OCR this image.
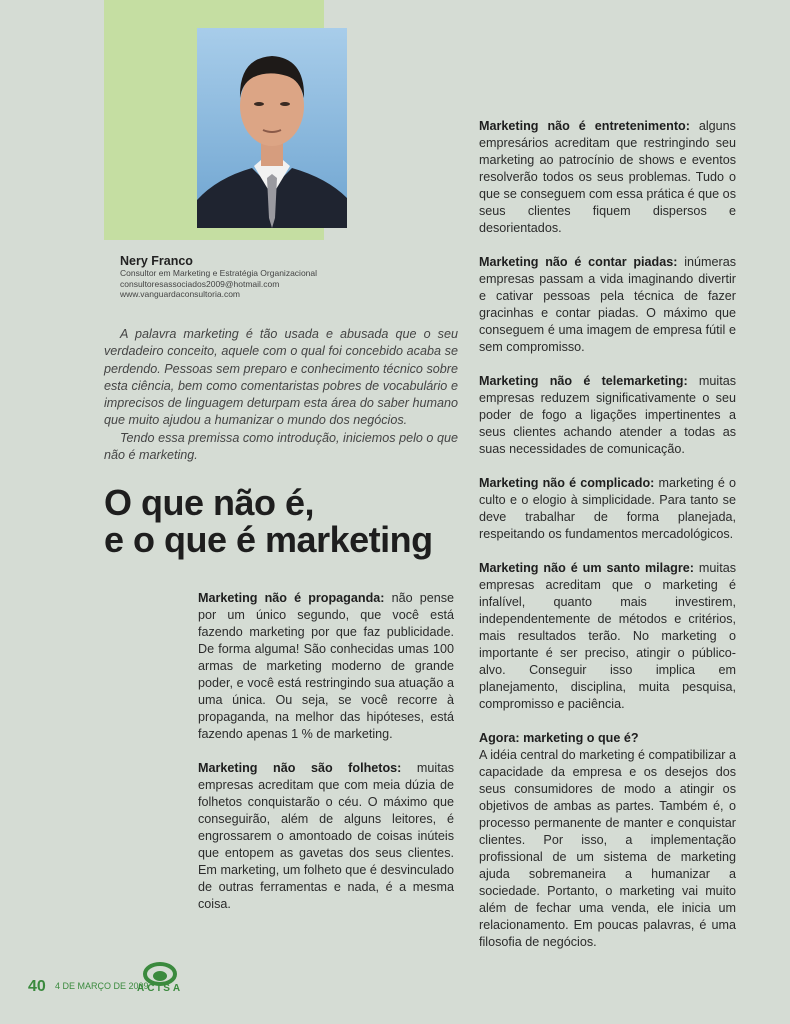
Nery Franco
Consultor em Marketing e Estratégia Organizacional
consultoresassociados2009@hotmail.com
www.vanguardaconsultoria.com

A palavra marketing é tão usada e abusada que o seu verdadeiro conceito, aquele com o qual foi concebido acaba se perdendo. Pessoas sem preparo e conhecimento técnico sobre esta ciência, bem como comentaristas pobres de vocabulário e imprecisos de linguagem deturpam esta área do saber humano que muito ajudou a humanizar o mundo dos negócios.

Tendo essa premissa como introdução, iniciemos pelo o que não é marketing.

O que não é,
e o que é marketing

Marketing não é propaganda: não pense por um único segundo, que você está fazendo marketing por que faz publicidade. De forma alguma! São conhecidas umas 100 armas de marketing moderno de grande poder, e você está restringindo sua atuação a uma única. Ou seja, se você recorre à propaganda, na melhor das hipóteses, está fazendo apenas 1 % de marketing.

Marketing não são folhetos: muitas empresas acreditam que com meia dúzia de folhetos conquistarão o céu. O máximo que conseguirão, além de alguns leitores, é engrossarem o amontoado de coisas inúteis que entopem as gavetas dos seus clientes. Em marketing, um folheto que é desvinculado de outras ferramentas e nada, é a mesma coisa.

Marketing não é entretenimento: alguns empresários acreditam que restringindo seu marketing ao patrocínio de shows e eventos resolverão todos os seus problemas. Tudo o que se conseguem com essa prática é que os seus clientes fiquem dispersos e desorientados.

Marketing não é contar piadas: inúmeras empresas passam a vida imaginando divertir e cativar pessoas pela técnica de fazer gracinhas e contar piadas. O máximo que conseguem é uma imagem de empresa fútil e sem compromisso.

Marketing não é telemarketing: muitas empresas reduzem significativamente o seu poder de fogo a ligações impertinentes a seus clientes achando atender a todas as suas necessidades de comunicação.

Marketing não é complicado: marketing é o culto e o elogio à simplicidade. Para tanto se deve trabalhar de forma planejada, respeitando os fundamentos mercadológicos.

Marketing não é um santo milagre: muitas empresas acreditam que o marketing é infalível, quanto mais investirem, independentemente de métodos e critérios, mais resultados terão. No marketing o importante é ser preciso, atingir o público-alvo. Conseguir isso implica em planejamento, disciplina, muita pesquisa, compromisso e paciência.

Agora: marketing o que é?
A idéia central do marketing é compatibilizar a capacidade da empresa e os desejos dos seus consumidores de modo a atingir os objetivos de ambas as partes. Também é, o processo permanente de manter e conquistar clientes. Por isso, a implementação profissional de um sistema de marketing ajuda sobremaneira a humanizar a sociedade. Portanto, o marketing vai muito além de fechar uma venda, ele inicia um relacionamento. Em poucas palavras, é uma filosofia de negócios.

40 4 DE MARÇO DE 2009
ACISA
